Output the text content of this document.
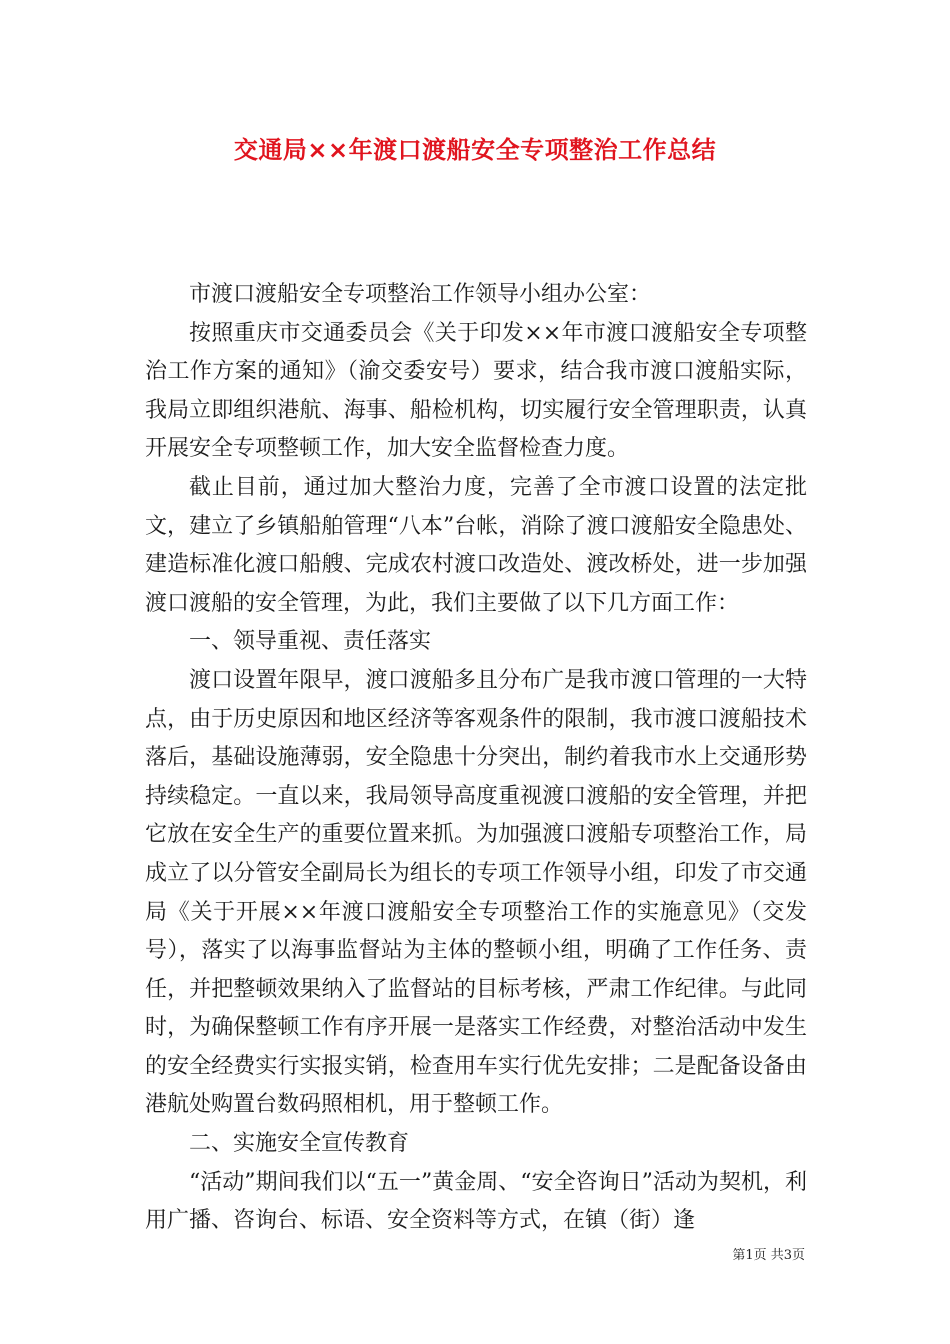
交通局××年渡口渡船安全专项整治工作总结

市渡口渡船安全专项整治工作领导小组办公室：

按照重庆市交通委员会《关于印发××年市渡口渡船安全专项整治工作方案的通知》（渝交委安号）要求，结合我市渡口渡船实际，我局立即组织港航、海事、船检机构，切实履行安全管理职责，认真开展安全专项整顿工作，加大安全监督检查力度。

截止目前，通过加大整治力度，完善了全市渡口设置的法定批文，建立了乡镇船舶管理“八本”台帐，消除了渡口渡船安全隐患处、建造标准化渡口船艘、完成农村渡口改造处、渡改桥处，进一步加强渡口渡船的安全管理，为此，我们主要做了以下几方面工作：

一、领导重视、责任落实

渡口设置年限早，渡口渡船多且分布广是我市渡口管理的一大特点，由于历史原因和地区经济等客观条件的限制，我市渡口渡船技术落后，基础设施薄弱，安全隐患十分突出，制约着我市水上交通形势持续稳定。一直以来，我局领导高度重视渡口渡船的安全管理，并把它放在安全生产的重要位置来抓。为加强渡口渡船专项整治工作，局成立了以分管安全副局长为组长的专项工作领导小组，印发了市交通局《关于开展××年渡口渡船安全专项整治工作的实施意见》（交发号），落实了以海事监督站为主体的整顿小组，明确了工作任务、责任，并把整顿效果纳入了监督站的目标考核，严肃工作纪律。与此同时，为确保整顿工作有序开展一是落实工作经费，对整治活动中发生的安全经费实行实报实销，检查用车实行优先安排；二是配备设备由港航处购置台数码照相机，用于整顿工作。

二、实施安全宣传教育

“活动”期间我们以“五一”黄金周、“安全咨询日”活动为契机，利用广播、咨询台、标语、安全资料等方式，在镇（街）逢

第1页 共3页
